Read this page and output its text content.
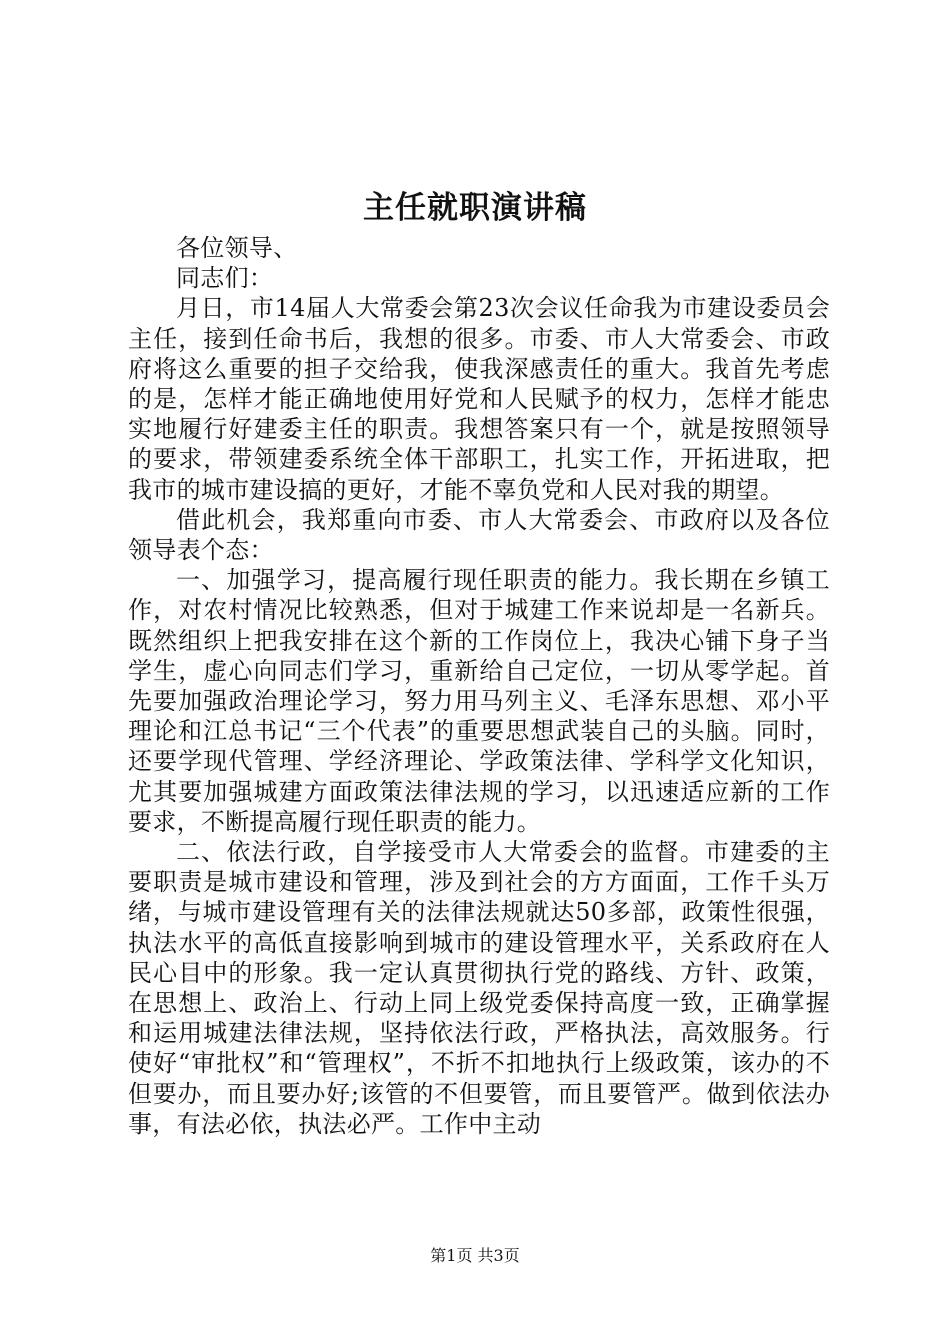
主任就职演讲稿

各位领导、

同志们：

月日，市14届人大常委会第23次会议任命我为市建设委员会主任，接到任命书后，我想的很多。市委、市人大常委会、市政府将这么重要的担子交给我，使我深感责任的重大。我首先考虑的是，怎样才能正确地使用好党和人民赋予的权力，怎样才能忠实地履行好建委主任的职责。我想答案只有一个，就是按照领导的要求，带领建委系统全体干部职工，扎实工作，开拓进取，把我市的城市建设搞的更好，才能不辜负党和人民对我的期望。

借此机会，我郑重向市委、市人大常委会、市政府以及各位领导表个态：

一、加强学习，提高履行现任职责的能力。我长期在乡镇工作，对农村情况比较熟悉，但对于城建工作来说却是一名新兵。既然组织上把我安排在这个新的工作岗位上，我决心铺下身子当学生，虚心向同志们学习，重新给自己定位，一切从零学起。首先要加强政治理论学习，努力用马列主义、毛泽东思想、邓小平理论和江总书记“三个代表”的重要思想武装自己的头脑。同时，还要学现代管理、学经济理论、学政策法律、学科学文化知识，尤其要加强城建方面政策法律法规的学习，以迅速适应新的工作要求，不断提高履行现任职责的能力。

二、依法行政，自学接受市人大常委会的监督。市建委的主要职责是城市建设和管理，涉及到社会的方方面面，工作千头万绪，与城市建设管理有关的法律法规就达50多部，政策性很强，执法水平的高低直接影响到城市的建设管理水平，关系政府在人民心目中的形象。我一定认真贯彻执行党的路线、方针、政策，在思想上、政治上、行动上同上级党委保持高度一致，正确掌握和运用城建法律法规，坚持依法行政，严格执法，高效服务。行使好“审批权”和“管理权”，不折不扣地执行上级政策，该办的不但要办，而且要办好;该管的不但要管，而且要管严。做到依法办事，有法必依，执法必严。工作中主动

第1页 共3页
